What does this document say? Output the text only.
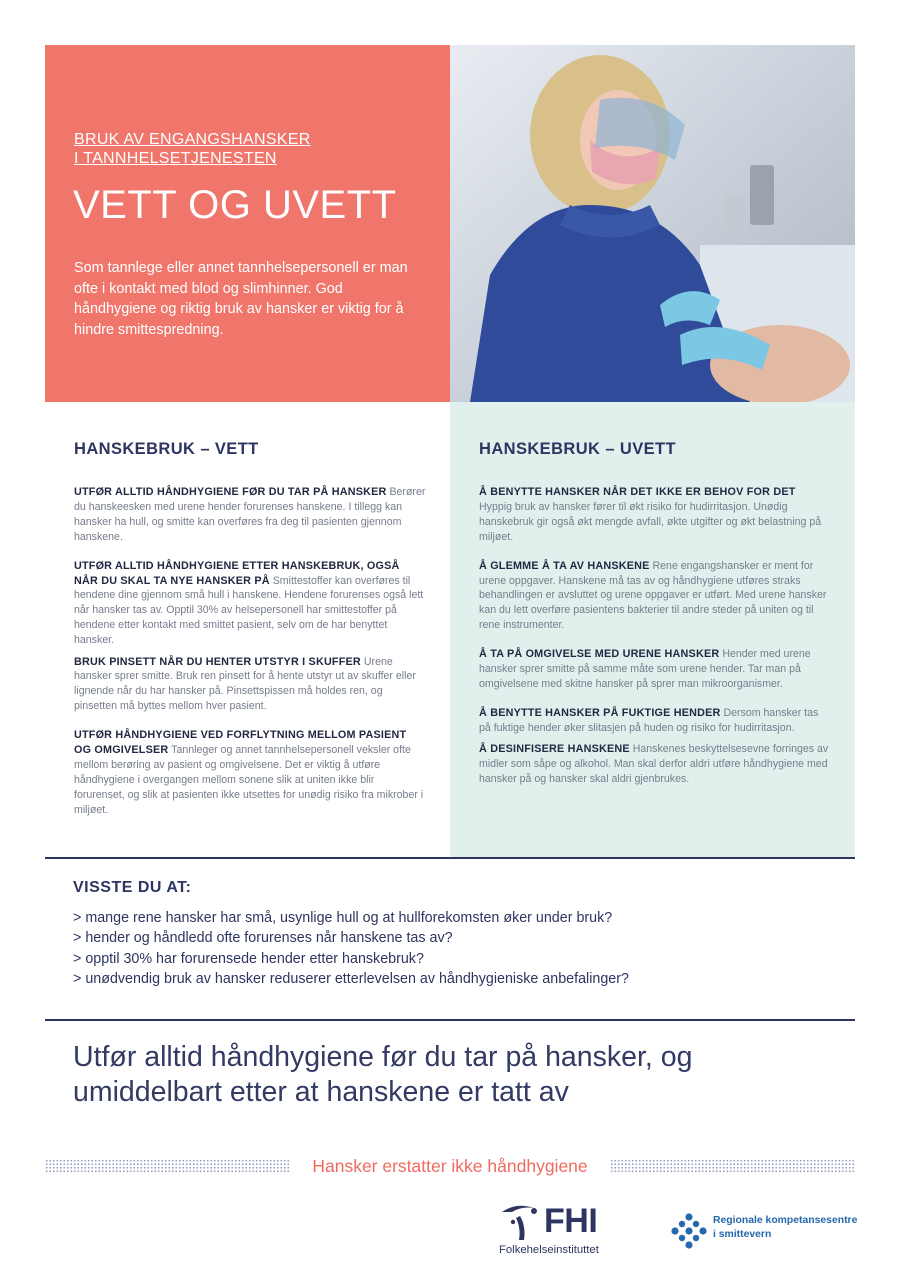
BRUK AV ENGANGSHANSKER
I TANNHELSETJENESTEN
VETT OG UVETT
Som tannlege eller annet tannhelsepersonell er man ofte i kontakt med blod og slimhinner. God håndhygiene og riktig bruk av hansker er viktig for å hindre smittespredning.
HANSKEBRUK – VETT
UTFØR ALLTID HÅNDHYGIENE FØR DU TAR PÅ HANSKER Berører du hanskeesken med urene hender forurenses hanskene. I tillegg kan hansker ha hull, og smitte kan overføres fra deg til pasienten gjennom hanskene.
UTFØR ALLTID HÅNDHYGIENE ETTER HANSKEBRUK, OGSÅ NÅR DU SKAL TA NYE HANSKER PÅ Smittestoffer kan overføres til hendene dine gjennom små hull i hanskene. Hendene forurenses også lett når hansker tas av. Opptil 30% av helsepersonell har smittestoffer på hendene etter kontakt med smittet pasient, selv om de har benyttet hansker.
BRUK PINSETT NÅR DU HENTER UTSTYR I SKUFFER Urene hansker sprer smitte. Bruk ren pinsett for å hente utstyr ut av skuffer eller lignende når du har hansker på. Pinsettspissen må holdes ren, og pinsetten må byttes mellom hver pasient.
UTFØR HÅNDHYGIENE VED FORFLYTNING MELLOM PASIENT OG OMGIVELSER Tannleger og annet tannhelsepersonell veksler ofte mellom berøring av pasient og omgivelsene. Det er viktig å utføre håndhygiene i overgangen mellom sonene slik at uniten ikke blir forurenset, og slik at pasienten ikke utsettes for unødig risiko fra mikrober i miljøet.
HANSKEBRUK – UVETT
Å BENYTTE HANSKER NÅR DET IKKE ER BEHOV FOR DET Hyppig bruk av hansker fører til økt risiko for hudirritasjon. Unødig hanskebruk gir også økt mengde avfall, økte utgifter og økt belastning på miljøet.
Å GLEMME Å TA AV HANSKENE Rene engangshansker er ment for urene oppgaver. Hanskene må tas av og håndhygiene utføres straks behandlingen er avsluttet og urene oppgaver er utført. Med urene hansker kan du lett overføre pasientens bakterier til andre steder på uniten og til rene instrumenter.
Å TA PÅ OMGIVELSE MED URENE HANSKER Hender med urene hansker sprer smitte på samme måte som urene hender. Tar man på omgivelsene med skitne hansker på sprer man mikroorganismer.
Å BENYTTE HANSKER PÅ FUKTIGE HENDER Dersom hansker tas på fuktige hender øker slitasjen på huden og risiko for hudirritasjon.
Å DESINFISERE HANSKENE Hanskenes beskyttelsesevne forringes av midler som såpe og alkohol. Man skal derfor aldri utføre håndhygiene med hansker på og hansker skal aldri gjenbrukes.
VISSTE DU AT:
> mange rene hansker har små, usynlige hull og at hullforekomsten øker under bruk?
> hender og håndledd ofte forurenses når hanskene tas av?
> opptil 30% har forurensede hender etter hanskebruk?
> unødvendig bruk av hansker reduserer etterlevelsen av håndhygieniske anbefalinger?
Utfør alltid håndhygiene før du tar på hansker, og umiddelbart etter at hanskene er tatt av
Hansker erstatter ikke håndhygiene
FHI
Folkehelseinstituttet
Regionale kompetansesentre
i smittevern
